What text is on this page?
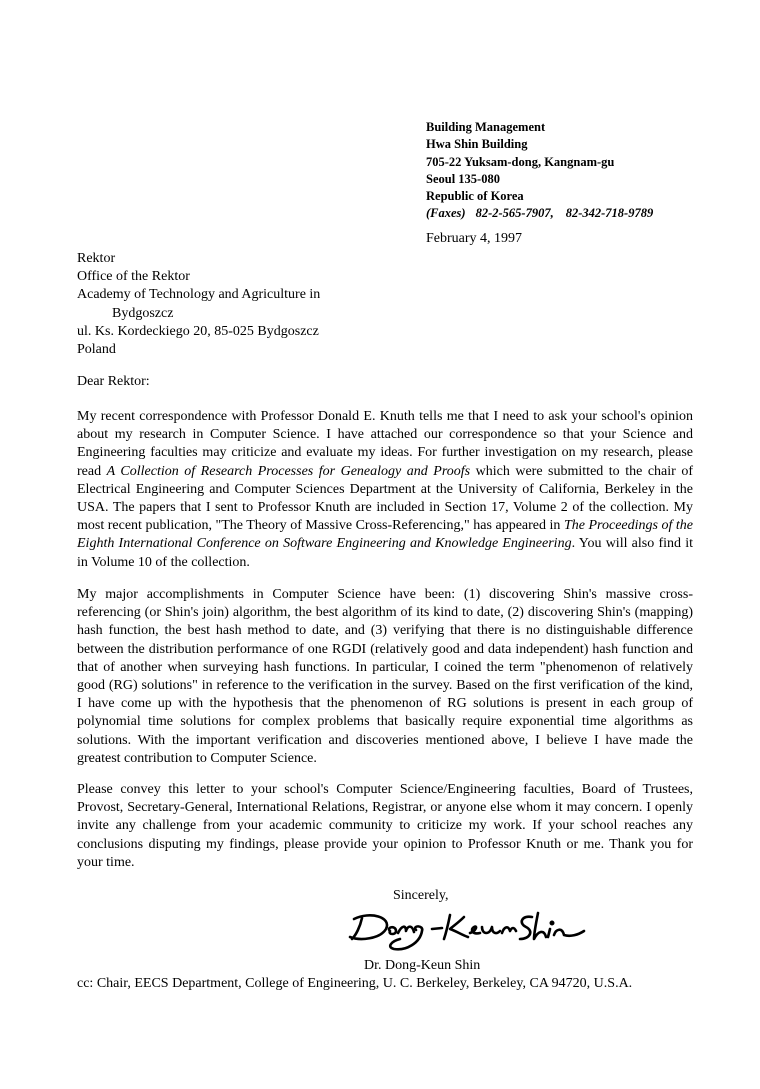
Building Management
Hwa Shin Building
705-22 Yuksam-dong, Kangnam-gu
Seoul 135-080
Republic of Korea
(Faxes) 82-2-565-7907, 82-342-718-9789
February 4, 1997
Rektor
Office of the Rektor
Academy of Technology and Agriculture in
Bydgoszcz
ul. Ks. Kordeckiego 20, 85-025 Bydgoszcz
Poland
Dear Rektor:
My recent correspondence with Professor Donald E. Knuth tells me that I need to ask your school's opinion about my research in Computer Science. I have attached our correspondence so that your Science and Engineering faculties may criticize and evaluate my ideas. For further investigation on my research, please read A Collection of Research Processes for Genealogy and Proofs which were submitted to the chair of Electrical Engineering and Computer Sciences Department at the University of California, Berkeley in the USA. The papers that I sent to Professor Knuth are included in Section 17, Volume 2 of the collection. My most recent publication, "The Theory of Massive Cross-Referencing," has appeared in The Proceedings of the Eighth International Conference on Software Engineering and Knowledge Engineering. You will also find it in Volume 10 of the collection.
My major accomplishments in Computer Science have been: (1) discovering Shin's massive cross-referencing (or Shin's join) algorithm, the best algorithm of its kind to date, (2) discovering Shin's (mapping) hash function, the best hash method to date, and (3) verifying that there is no distinguishable difference between the distribution performance of one RGDI (relatively good and data independent) hash function and that of another when surveying hash functions. In particular, I coined the term "phenomenon of relatively good (RG) solutions" in reference to the verification in the survey. Based on the first verification of the kind, I have come up with the hypothesis that the phenomenon of RG solutions is present in each group of polynomial time solutions for complex problems that basically require exponential time algorithms as solutions. With the important verification and discoveries mentioned above, I believe I have made the greatest contribution to Computer Science.
Please convey this letter to your school's Computer Science/Engineering faculties, Board of Trustees, Provost, Secretary-General, International Relations, Registrar, or anyone else whom it may concern. I openly invite any challenge from your academic community to criticize my work. If your school reaches any conclusions disputing my findings, please provide your opinion to Professor Knuth or me. Thank you for your time.
Sincerely,
Dr. Dong-Keun Shin
cc: Chair, EECS Department, College of Engineering, U. C. Berkeley, Berkeley, CA 94720, U.S.A.
